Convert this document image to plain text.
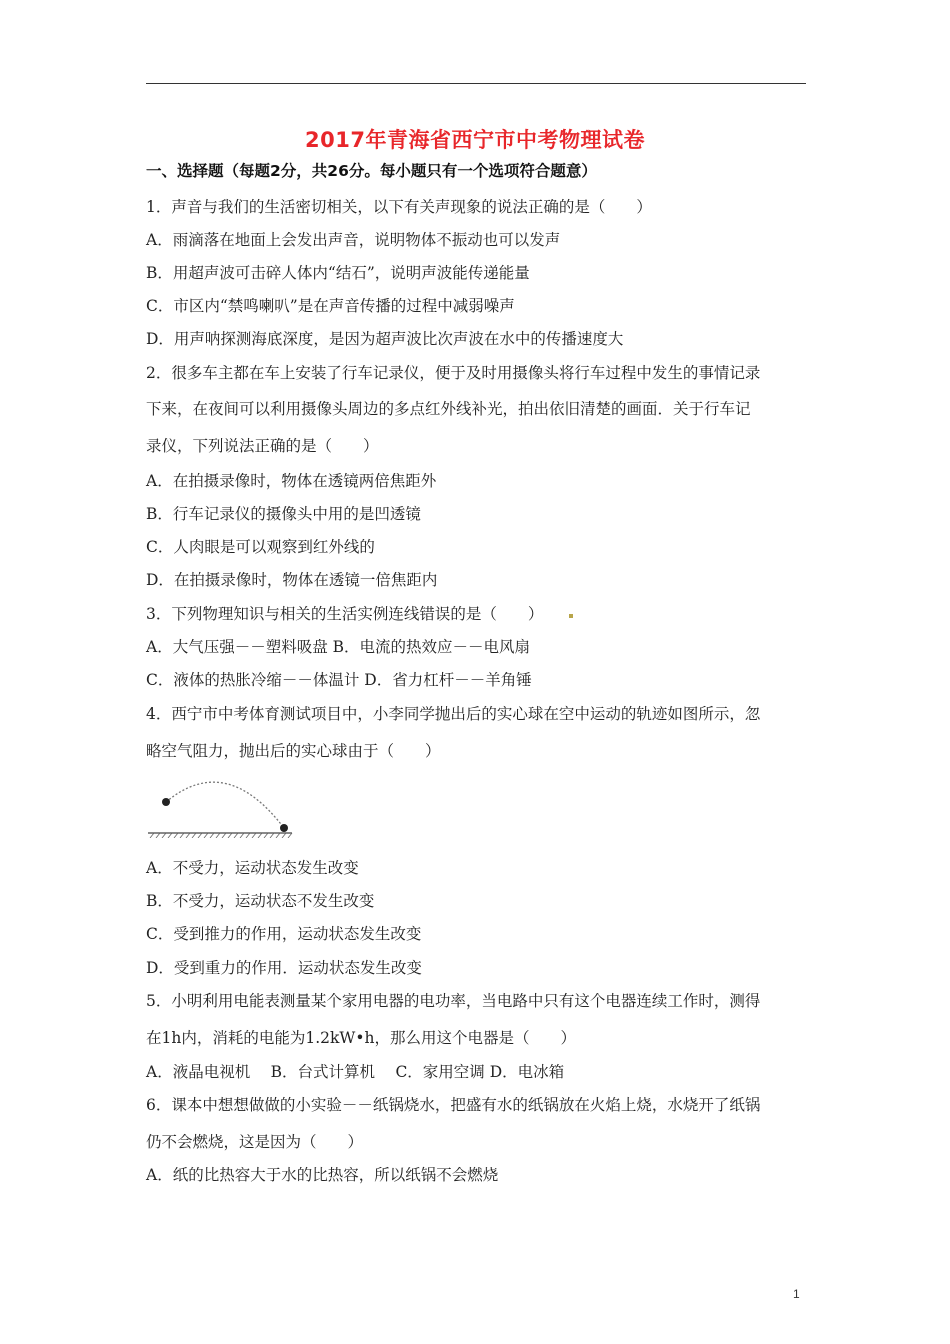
2017年青海省西宁市中考物理试卷
一、选择题（每题2分，共26分。每小题只有一个选项符合题意）
1．声音与我们的生活密切相关，以下有关声现象的说法正确的是（　　）
A．雨滴落在地面上会发出声音，说明物体不振动也可以发声
B．用超声波可击碎人体内“结石”，说明声波能传递能量
C．市区内“禁鸣喇叭”是在声音传播的过程中减弱噪声
D．用声呐探测海底深度，是因为超声波比次声波在水中的传播速度大
2．很多车主都在车上安装了行车记录仪，便于及时用摄像头将行车过程中发生的事情记录
下来，在夜间可以利用摄像头周边的多点红外线补光，拍出依旧清楚的画面．关于行车记
录仪，下列说法正确的是（　　）
A．在拍摄录像时，物体在透镜两倍焦距外
B．行车记录仪的摄像头中用的是凹透镜
C．人肉眼是可以观察到红外线的
D．在拍摄录像时，物体在透镜一倍焦距内
3．下列物理知识与相关的生活实例连线错误的是（　　）
A．大气压强－－塑料吸盘 B．电流的热效应－－电风扇
C．液体的热胀冷缩－－体温计 D．省力杠杆－－羊角锤
4．西宁市中考体育测试项目中，小李同学抛出后的实心球在空中运动的轨迹如图所示，忽
略空气阻力，抛出后的实心球由于（　　）
A．不受力，运动状态发生改变
B．不受力，运动状态不发生改变
C．受到推力的作用，运动状态发生改变
D．受到重力的作用．运动状态发生改变
5．小明利用电能表测量某个家用电器的电功率，当电路中只有这个电器连续工作时，测得
在1h内，消耗的电能为1.2kW•h，那么用这个电器是（　　）
A．液晶电视机　 B．台式计算机　 C．家用空调 D．电冰箱
6．课本中想想做做的小实验－－纸锅烧水，把盛有水的纸锅放在火焰上烧，水烧开了纸锅
仍不会燃烧，这是因为（　　）
A．纸的比热容大于水的比热容，所以纸锅不会燃烧
1
